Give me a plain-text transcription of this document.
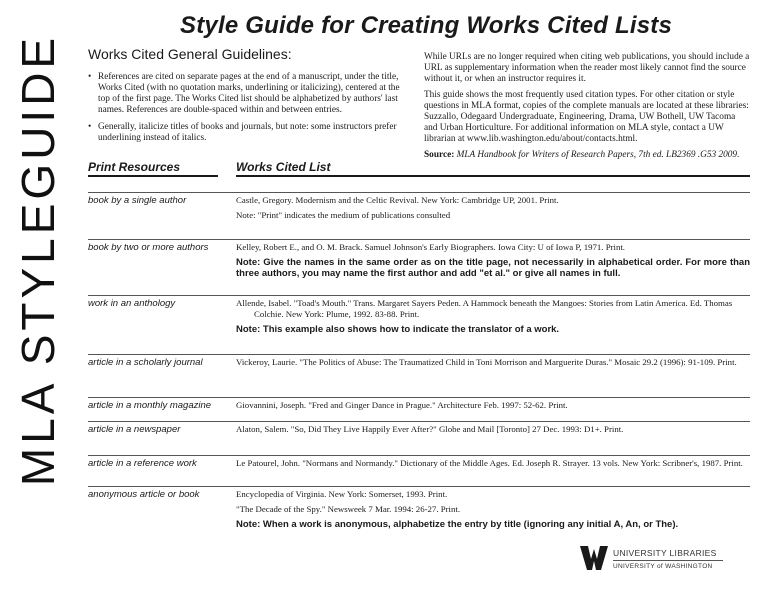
MLA STYLEGUIDE
Style Guide for Creating Works Cited Lists
Works Cited General Guidelines:
• References are cited on separate pages at the end of a manuscript, under the title, Works Cited (with no quotation marks, underlining or italicizing), centered at the top of the first page. The Works Cited list should be alphabetized by authors' last names. References are double-spaced within and between entries.
• Generally, italicize titles of books and journals, but note: some instructors prefer underlining instead of italics.

While URLs are no longer required when citing web publications, you should include a URL as supplementary information when the reader most likely cannot find the source without it, or when an instructor requires it.

This guide shows the most frequently used citation types. For other citation or style questions in MLA format, copies of the complete manuals are located at these libraries: Suzzallo, Odegaard Undergraduate, Engineering, Drama, UW Bothell, UW Tacoma and Urban Horticulture. For additional information on MLA style, contact a UW librarian at www.lib.washington.edu/about/contacts.html.

Source: MLA Handbook for Writers of Research Papers, 7th ed. LB2369 .G53 2009.

Print Resources	Works Cited List
book by a single author	Castle, Gregory. Modernism and the Celtic Revival. New York: Cambridge UP, 2001. Print.

Note: "Print" indicates the medium of publications consulted

book by two or more authors	Kelley, Robert E., and O. M. Brack. Samuel Johnson's Early Biographers. Iowa City: U of Iowa P, 1971. Print.

Note: Give the names in the same order as on the title page, not necessarily in alphabetical order. For more than three authors, you may name the first author and add "et al." or give all names in full.

work in an anthology	Allende, Isabel. "Toad's Mouth." Trans. Margaret Sayers Peden. A Hammock beneath the Mangoes: Stories from Latin America. Ed. Thomas Colchie. New York: Plume, 1992. 83-88. Print.

Note: This example also shows how to indicate the translator of a work.

article in a scholarly journal	Vickeroy, Laurie. "The Politics of Abuse: The Traumatized Child in Toni Morrison and Marguerite Duras." Mosaic 29.2 (1996): 91-109. Print.

article in a monthly magazine	Giovannini, Joseph. "Fred and Ginger Dance in Prague." Architecture Feb. 1997: 52-62. Print.

article in a newspaper	Alaton, Salem. "So, Did They Live Happily Ever After?" Globe and Mail [Toronto] 27 Dec. 1993: D1+. Print.

article in a reference work	Le Patourel, John. "Normans and Normandy." Dictionary of the Middle Ages. Ed. Joseph R. Strayer. 13 vols. New York: Scribner's, 1987. Print.

anonymous article or book	Encyclopedia of Virginia. New York: Somerset, 1993. Print.

"The Decade of the Spy." Newsweek 7 Mar. 1994: 26-27. Print.

Note: When a work is anonymous, alphabetize the entry by title (ignoring any initial A, An, or The).

UNIVERSITY LIBRARIES
UNIVERSITY of WASHINGTON
